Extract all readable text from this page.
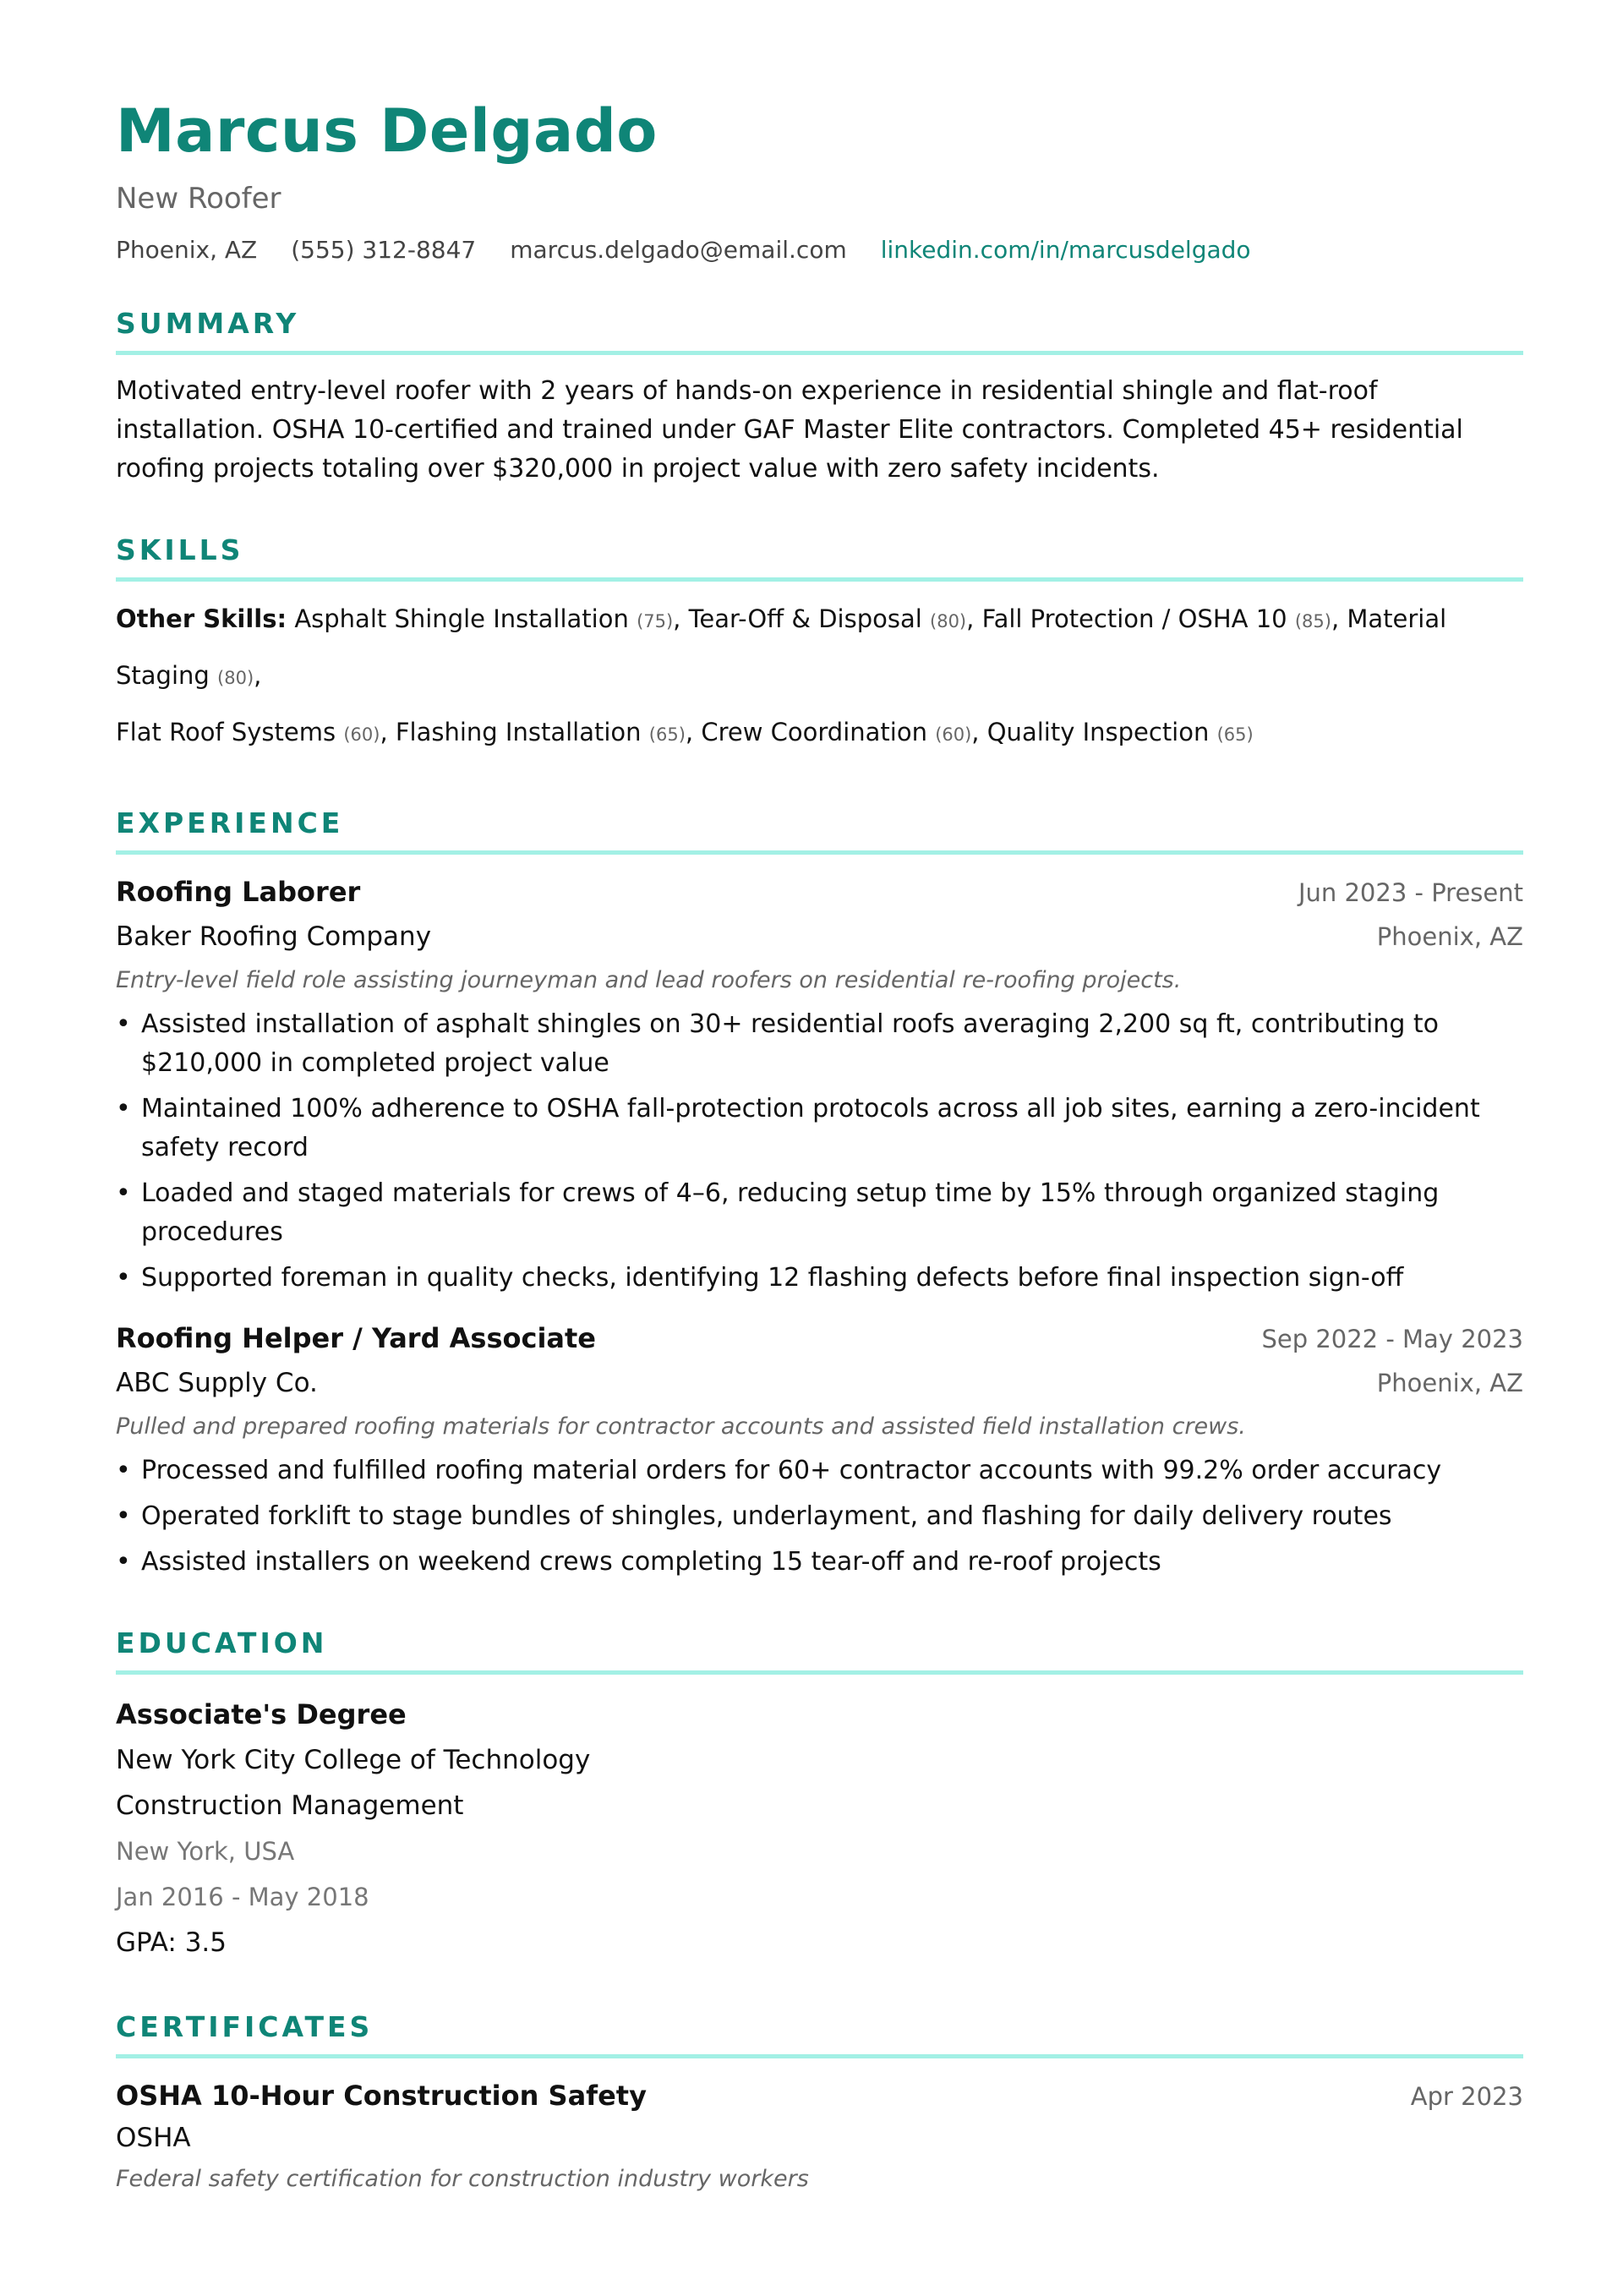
Marcus Delgado
New Roofer
Phoenix, AZ (555) 312-8847 marcus.delgado@email.com linkedin.com/in/marcusdelgado
SUMMARY
Motivated entry-level roofer with 2 years of hands-on experience in residential shingle and flat-roof installation. OSHA 10-certified and trained under GAF Master Elite contractors. Completed 45+ residential roofing projects totaling over $320,000 in project value with zero safety incidents.
SKILLS
Other Skills: Asphalt Shingle Installation (75), Tear-Off & Disposal (80), Fall Protection / OSHA 10 (85), Material Staging (80),
Flat Roof Systems (60), Flashing Installation (65), Crew Coordination (60), Quality Inspection (65)
EXPERIENCE
Roofing Laborer	Jun 2023 - Present
Baker Roofing Company	Phoenix, AZ
Entry-level field role assisting journeyman and lead roofers on residential re-roofing projects.
• Assisted installation of asphalt shingles on 30+ residential roofs averaging 2,200 sq ft, contributing to $210,000 in completed project value
• Maintained 100% adherence to OSHA fall-protection protocols across all job sites, earning a zero-incident safety record
• Loaded and staged materials for crews of 4–6, reducing setup time by 15% through organized staging procedures
• Supported foreman in quality checks, identifying 12 flashing defects before final inspection sign-off
Roofing Helper / Yard Associate	Sep 2022 - May 2023
ABC Supply Co.	Phoenix, AZ
Pulled and prepared roofing materials for contractor accounts and assisted field installation crews.
• Processed and fulfilled roofing material orders for 60+ contractor accounts with 99.2% order accuracy
• Operated forklift to stage bundles of shingles, underlayment, and flashing for daily delivery routes
• Assisted installers on weekend crews completing 15 tear-off and re-roof projects
EDUCATION
Associate's Degree
New York City College of Technology
Construction Management
New York, USA
Jan 2016 - May 2018
GPA: 3.5
CERTIFICATES
OSHA 10-Hour Construction Safety	Apr 2023
OSHA
Federal safety certification for construction industry workers
